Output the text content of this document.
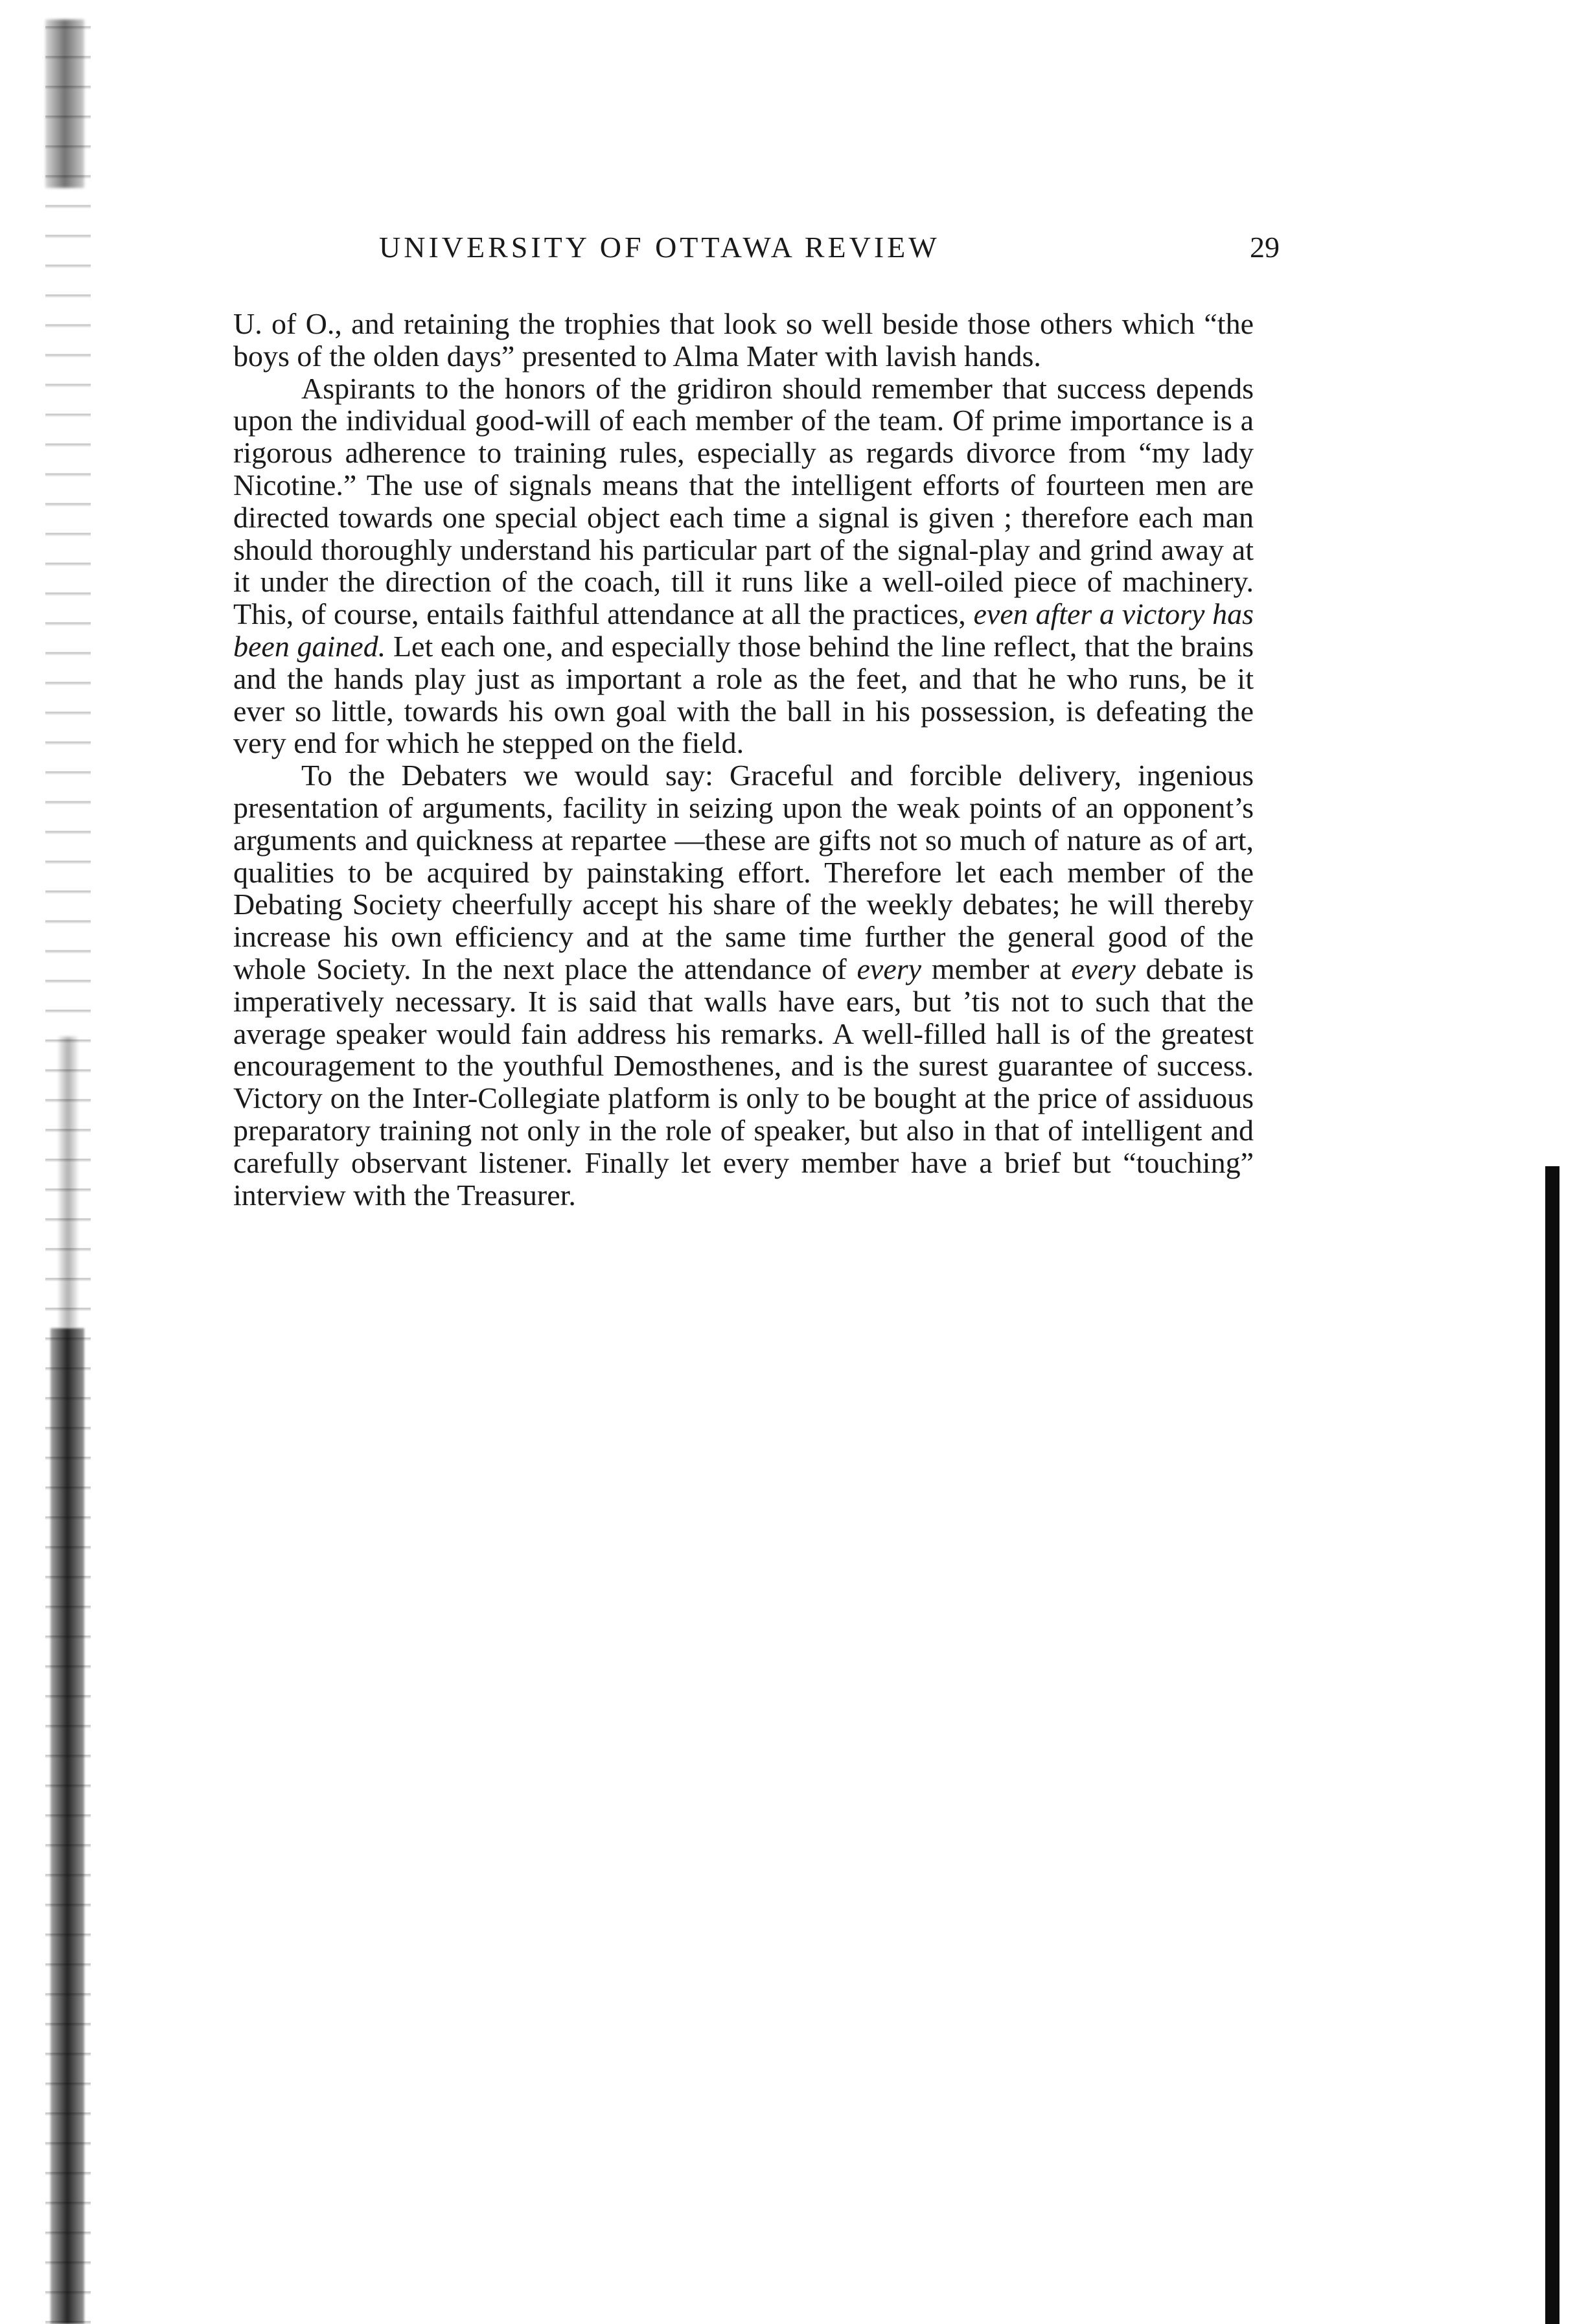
UNIVERSITY OF OTTAWA REVIEW	29

U. of O., and retaining the trophies that look so well beside those others which “the boys of the olden days” presented to Alma Mater with lavish hands.

Aspirants to the honors of the gridiron should remember that success depends upon the individual good-will of each member of the team. Of prime importance is a rigorous adherence to training rules, especially as regards divorce from “my lady Nicotine.” The use of signals means that the intelligent efforts of fourteen men are directed towards one special object each time a signal is given ; therefore each man should thoroughly understand his particular part of the signal-play and grind away at it under the direction of the coach, till it runs like a well-oiled piece of machinery. This, of course, entails faithful attendance at all the practices, even after a victory has been gained. Let each one, and especially those behind the line reflect, that the brains and the hands play just as important a role as the feet, and that he who runs, be it ever so little, towards his own goal with the ball in his possession, is defeating the very end for which he stepped on the field.

To the Debaters we would say: Graceful and forcible delivery, ingenious presentation of arguments, facility in seizing upon the weak points of an opponent’s arguments and quickness at repartee —these are gifts not so much of nature as of art, qualities to be acquired by painstaking effort. Therefore let each member of the Debating Society cheerfully accept his share of the weekly debates; he will thereby increase his own efficiency and at the same time further the general good of the whole Society. In the next place the attendance of every member at every debate is imperatively necessary. It is said that walls have ears, but ’tis not to such that the average speaker would fain address his remarks. A well-filled hall is of the greatest encouragement to the youthful Demosthenes, and is the surest guarantee of success. Victory on the Inter-Collegiate platform is only to be bought at the price of assiduous preparatory training not only in the role of speaker, but also in that of intelligent and carefully observant listener. Finally let every member have a brief but “touching” interview with the Treasurer.
